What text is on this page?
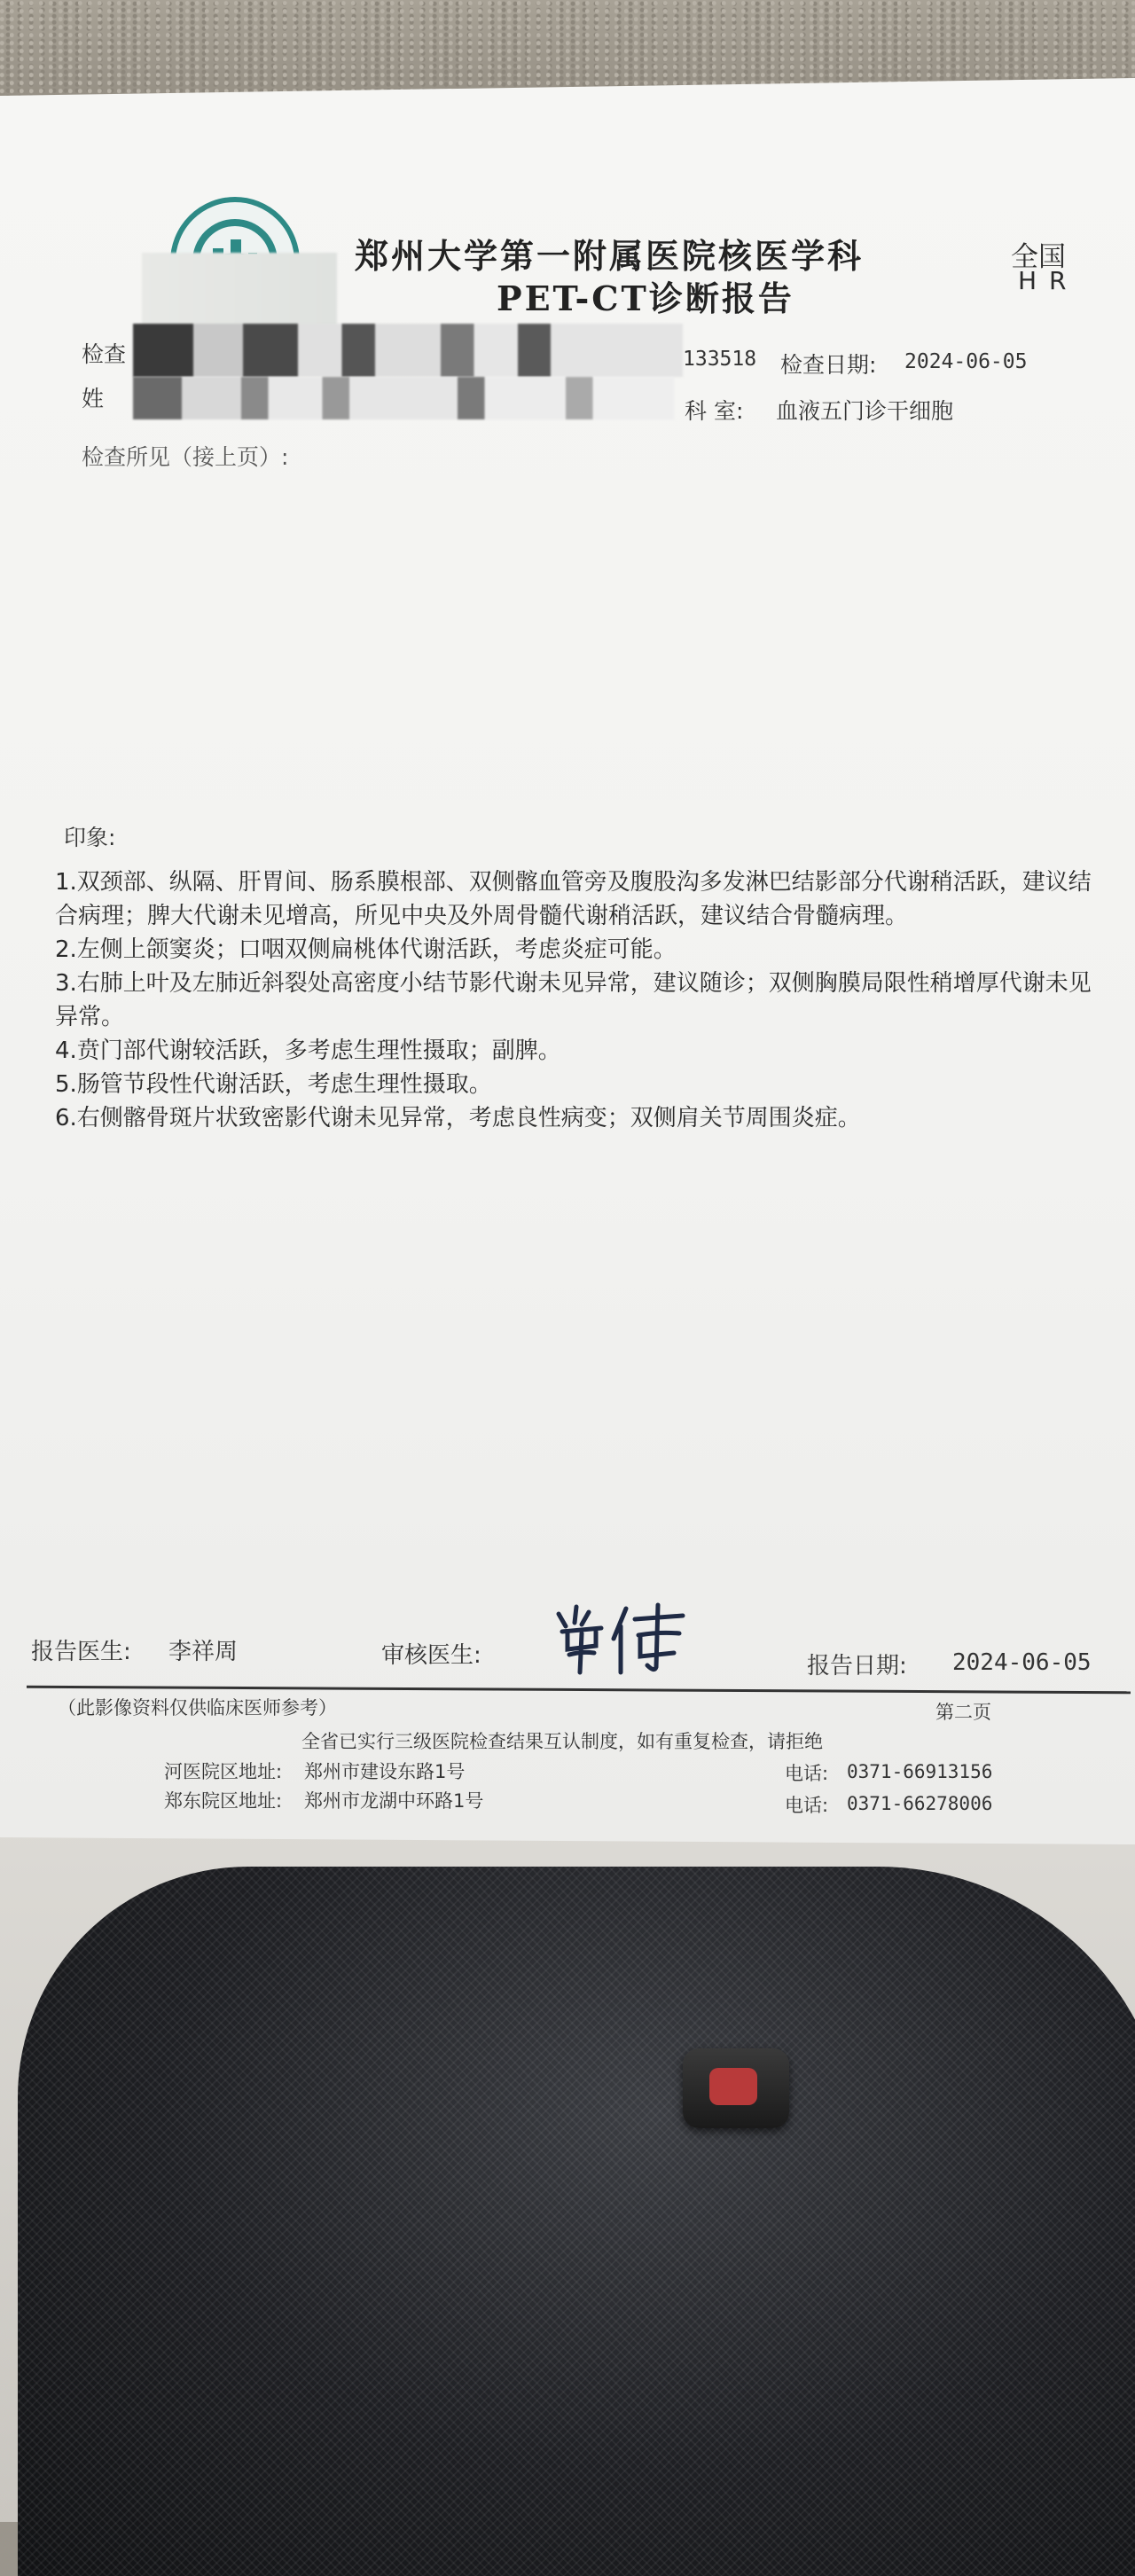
郑州大学第一附属医院核医学科
PET-CT诊断报告
全国
HR
检查	133518 检查日期: 2024-06-05
姓	科 室: 血液五门诊干细胞
检查所见（接上页）:
印象:

1.双颈部、纵隔、肝胃间、肠系膜根部、双侧髂血管旁及腹股沟多发淋巴结影部分代谢稍活跃，建议结合病理；脾大代谢未见增高，所见中央及外周骨髓代谢稍活跃，建议结合骨髓病理。

2.左侧上颌窦炎；口咽双侧扁桃体代谢活跃，考虑炎症可能。

3.右肺上叶及左肺近斜裂处高密度小结节影代谢未见异常，建议随诊；双侧胸膜局限性稍增厚代谢未见异常。

4.贲门部代谢较活跃，多考虑生理性摄取；副脾。

5.肠管节段性代谢活跃，考虑生理性摄取。

6.右侧髂骨斑片状致密影代谢未见异常，考虑良性病变；双侧肩关节周围炎症。

报告医生: 李祥周	审核医生:	报告日期: 2024-06-05
（此影像资料仅供临床医师参考）	第二页
全省已实行三级医院检查结果互认制度，如有重复检查，请拒绝
河医院区地址: 郑州市建设东路1号	电话: 0371-66913156
郑东院区地址: 郑州市龙湖中环路1号	电话: 0371-66278006
